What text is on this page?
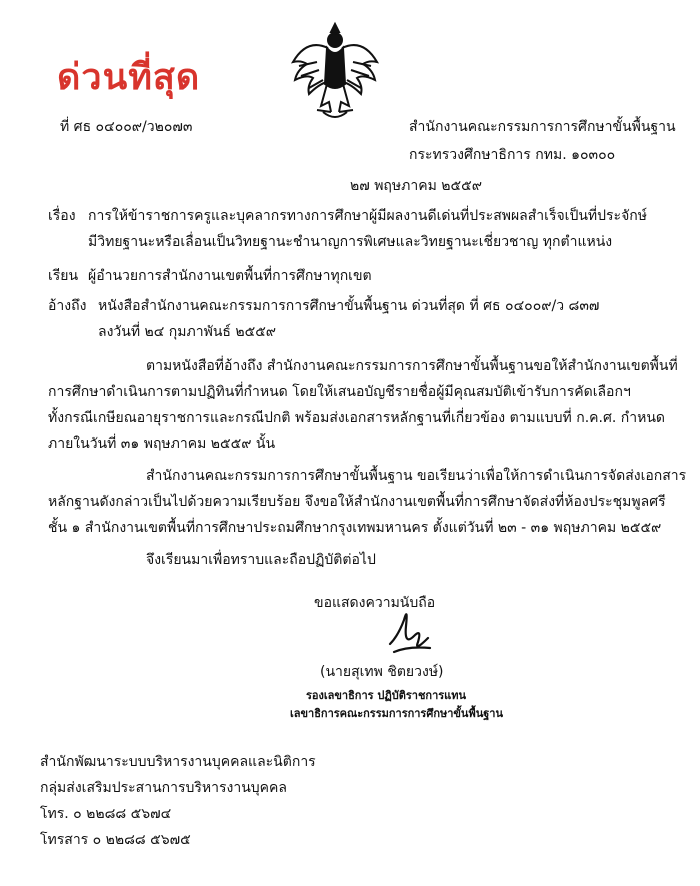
ด่วนที่สุด
ที่ ศธ ๐๔๐๐๙/ว๒๐๗๓	สำนักงานคณะกรรมการการศึกษาขั้นพื้นฐาน
กระทรวงศึกษาธิการ กทม. ๑๐๓๐๐
๒๗ พฤษภาคม ๒๕๕๙
เรื่อง การให้ข้าราชการครูและบุคลากรทางการศึกษาผู้มีผลงานดีเด่นที่ประสพผลสำเร็จเป็นที่ประจักษ์
มีวิทยฐานะหรือเลื่อนเป็นวิทยฐานะชำนาญการพิเศษและวิทยฐานะเชี่ยวชาญ ทุกตำแหน่ง
เรียน ผู้อำนวยการสำนักงานเขตพื้นที่การศึกษาทุกเขต
อ้างถึง หนังสือสำนักงานคณะกรรมการการศึกษาขั้นพื้นฐาน ด่วนที่สุด ที่ ศธ ๐๔๐๐๙/ว ๘๓๗
ลงวันที่ ๒๔ กุมภาพันธ์ ๒๕๕๙
ตามหนังสือที่อ้างถึง สำนักงานคณะกรรมการการศึกษาขั้นพื้นฐานขอให้สำนักงานเขตพื้นที่
การศึกษาดำเนินการตามปฏิทินที่กำหนด โดยให้เสนอบัญชีรายชื่อผู้มีคุณสมบัติเข้ารับการคัดเลือกฯ
ทั้งกรณีเกษียณอายุราชการและกรณีปกติ พร้อมส่งเอกสารหลักฐานที่เกี่ยวข้อง ตามแบบที่ ก.ค.ศ. กำหนด
ภายในวันที่ ๓๑ พฤษภาคม ๒๕๕๙ นั้น
สำนักงานคณะกรรมการการศึกษาขั้นพื้นฐาน ขอเรียนว่าเพื่อให้การดำเนินการจัดส่งเอกสาร
หลักฐานดังกล่าวเป็นไปด้วยความเรียบร้อย จึงขอให้สำนักงานเขตพื้นที่การศึกษาจัดส่งที่ห้องประชุมพูลศรี
ชั้น ๑ สำนักงานเขตพื้นที่การศึกษาประถมศึกษากรุงเทพมหานคร ตั้งแต่วันที่ ๒๓ - ๓๑ พฤษภาคม ๒๕๕๙
จึงเรียนมาเพื่อทราบและถือปฏิบัติต่อไป
ขอแสดงความนับถือ
(นายสุเทพ ชิตยวงษ์)
รองเลขาธิการ ปฏิบัติราชการแทน
เลขาธิการคณะกรรมการการศึกษาขั้นพื้นฐาน
สำนักพัฒนาระบบบริหารงานบุคคลและนิติการ
กลุ่มส่งเสริมประสานการบริหารงานบุคคล
โทร. ๐ ๒๒๘๘ ๕๖๗๔
โทรสาร ๐ ๒๒๘๘ ๕๖๗๕
